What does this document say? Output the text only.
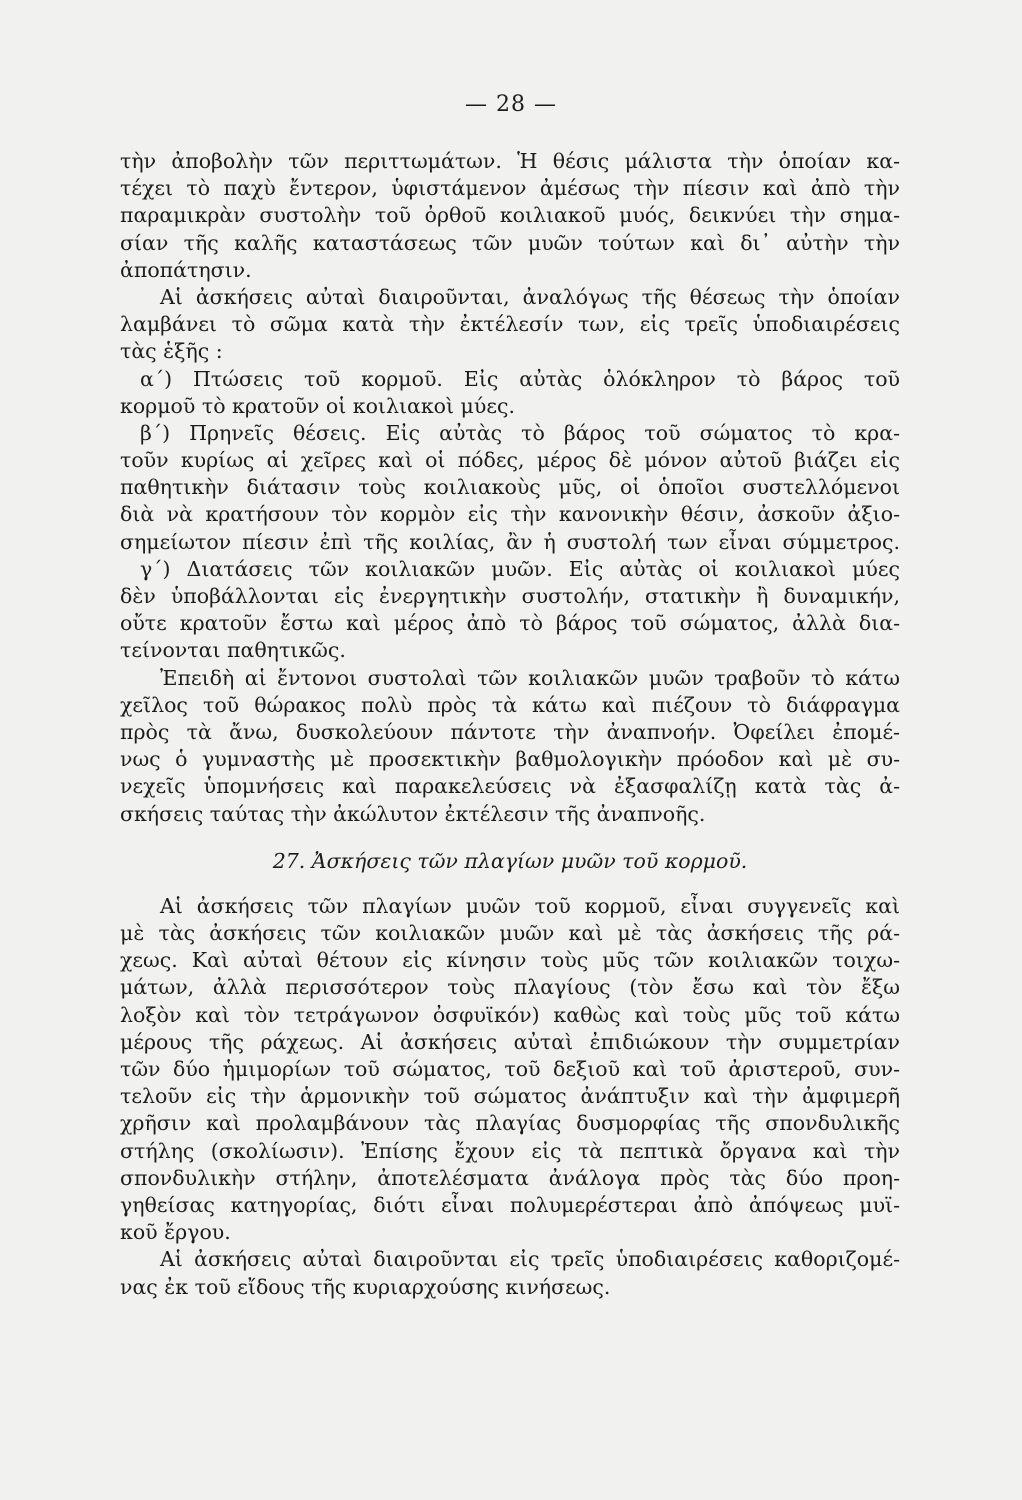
— 28 —
τὴν ἀποβολὴν τῶν περιττωμάτων. Ἡ θέσις μάλιστα τὴν ὁποίαν κα-
τέχει τὸ παχὺ ἔντερον, ὑφιστάμενον ἀμέσως τὴν πίεσιν καὶ ἀπὸ τὴν
παραμικρὰν συστολὴν τοῦ ὀρθοῦ κοιλιακοῦ μυός, δεικνύει τὴν σημα-
σίαν τῆς καλῆς καταστάσεως τῶν μυῶν τούτων καὶ δι᾽ αὐτὴν τὴν
ἀποπάτησιν.
Αἱ ἀσκήσεις αὐταὶ διαιροῦνται, ἀναλόγως τῆς θέσεως τὴν ὁποίαν
λαμβάνει τὸ σῶμα κατὰ τὴν ἐκτέλεσίν των, εἰς τρεῖς ὑποδιαιρέσεις
τὰς ἑξῆς :
α΄) Πτώσεις τοῦ κορμοῦ. Εἰς αὐτὰς ὁλόκληρον τὸ βάρος τοῦ
κορμοῦ τὸ κρατοῦν οἱ κοιλιακοὶ μύες.
β΄) Πρηνεῖς θέσεις. Εἰς αὐτὰς τὸ βάρος τοῦ σώματος τὸ κρα-
τοῦν κυρίως αἱ χεῖρες καὶ οἱ πόδες, μέρος δὲ μόνον αὐτοῦ βιάζει εἰς
παθητικὴν διάτασιν τοὺς κοιλιακοὺς μῦς, οἱ ὁποῖοι συστελλόμενοι
διὰ νὰ κρατήσουν τὸν κορμὸν εἰς τὴν κανονικὴν θέσιν, ἀσκοῦν ἀξιο-
σημείωτον πίεσιν ἐπὶ τῆς κοιλίας, ἂν ἡ συστολή των εἶναι σύμμετρος.
γ΄) Διατάσεις τῶν κοιλιακῶν μυῶν. Εἰς αὐτὰς οἱ κοιλιακοὶ μύες
δὲν ὑποβάλλονται εἰς ἐνεργητικὴν συστολήν, στατικὴν ἢ δυναμικήν,
οὔτε κρατοῦν ἔστω καὶ μέρος ἀπὸ τὸ βάρος τοῦ σώματος, ἀλλὰ δια-
τείνονται παθητικῶς.
Ἐπειδὴ αἱ ἔντονοι συστολαὶ τῶν κοιλιακῶν μυῶν τραβοῦν τὸ κάτω
χεῖλος τοῦ θώρακος πολὺ πρὸς τὰ κάτω καὶ πιέζουν τὸ διάφραγμα
πρὸς τὰ ἄνω, δυσκολεύουν πάντοτε τὴν ἀναπνοήν. Ὀφείλει ἐπομέ-
νως ὁ γυμναστὴς μὲ προσεκτικὴν βαθμολογικὴν πρόοδον καὶ μὲ συ-
νεχεῖς ὑπομνήσεις καὶ παρακελεύσεις νὰ ἐξασφαλίζῃ κατὰ τὰς ἀ-
σκήσεις ταύτας τὴν ἀκώλυτον ἐκτέλεσιν τῆς ἀναπνοῆς.
27. Ἀσκήσεις τῶν πλαγίων μυῶν τοῦ κορμοῦ.
Αἱ ἀσκήσεις τῶν πλαγίων μυῶν τοῦ κορμοῦ, εἶναι συγγενεῖς καὶ
μὲ τὰς ἀσκήσεις τῶν κοιλιακῶν μυῶν καὶ μὲ τὰς ἀσκήσεις τῆς ρά-
χεως. Καὶ αὐταὶ θέτουν εἰς κίνησιν τοὺς μῦς τῶν κοιλιακῶν τοιχω-
μάτων, ἀλλὰ περισσότερον τοὺς πλαγίους (τὸν ἔσω καὶ τὸν ἔξω
λοξὸν καὶ τὸν τετράγωνον ὀσφυϊκόν) καθὼς καὶ τοὺς μῦς τοῦ κάτω
μέρους τῆς ράχεως. Αἱ ἀσκήσεις αὐταὶ ἐπιδιώκουν τὴν συμμετρίαν
τῶν δύο ἡμιμορίων τοῦ σώματος, τοῦ δεξιοῦ καὶ τοῦ ἀριστεροῦ, συν-
τελοῦν εἰς τὴν ἁρμονικὴν τοῦ σώματος ἀνάπτυξιν καὶ τὴν ἀμφιμερῆ
χρῆσιν καὶ προλαμβάνουν τὰς πλαγίας δυσμορφίας τῆς σπονδυλικῆς
στήλης (σκολίωσιν). Ἐπίσης ἔχουν εἰς τὰ πεπτικὰ ὄργανα καὶ τὴν
σπονδυλικὴν στήλην, ἀποτελέσματα ἀνάλογα πρὸς τὰς δύο προη-
γηθείσας κατηγορίας, διότι εἶναι πολυμερέστεραι ἀπὸ ἀπόψεως μυϊ-
κοῦ ἔργου.
Αἱ ἀσκήσεις αὐταὶ διαιροῦνται εἰς τρεῖς ὑποδιαιρέσεις καθοριζομέ-
νας ἐκ τοῦ εἴδους τῆς κυριαρχούσης κινήσεως.
